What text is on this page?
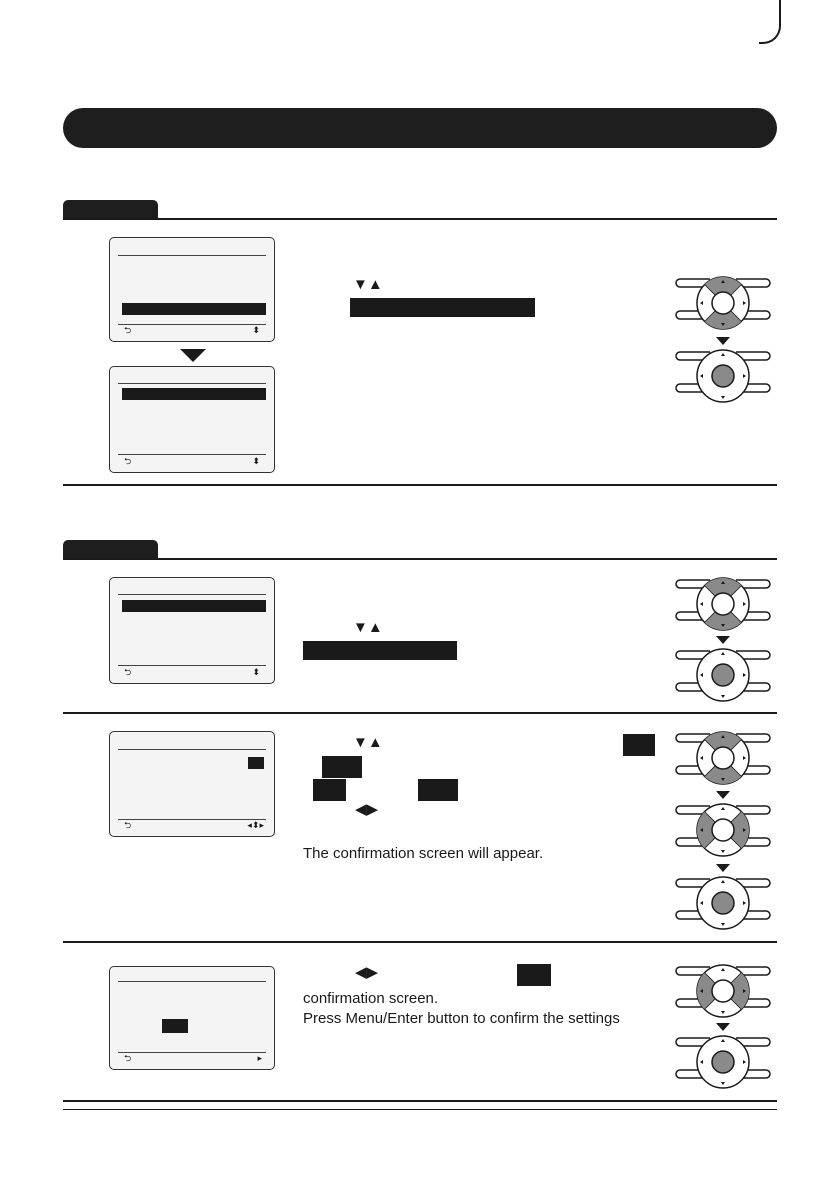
⮌	⬍
⮌	⬍
▼▲
⮌	⬍
▼▲
⮌	◂⬍▸
▼▲
◀▶
The confirmation screen will appear.
⮌	▸
◀▶
confirmation screen.
Press Menu/Enter button to confirm the settings
